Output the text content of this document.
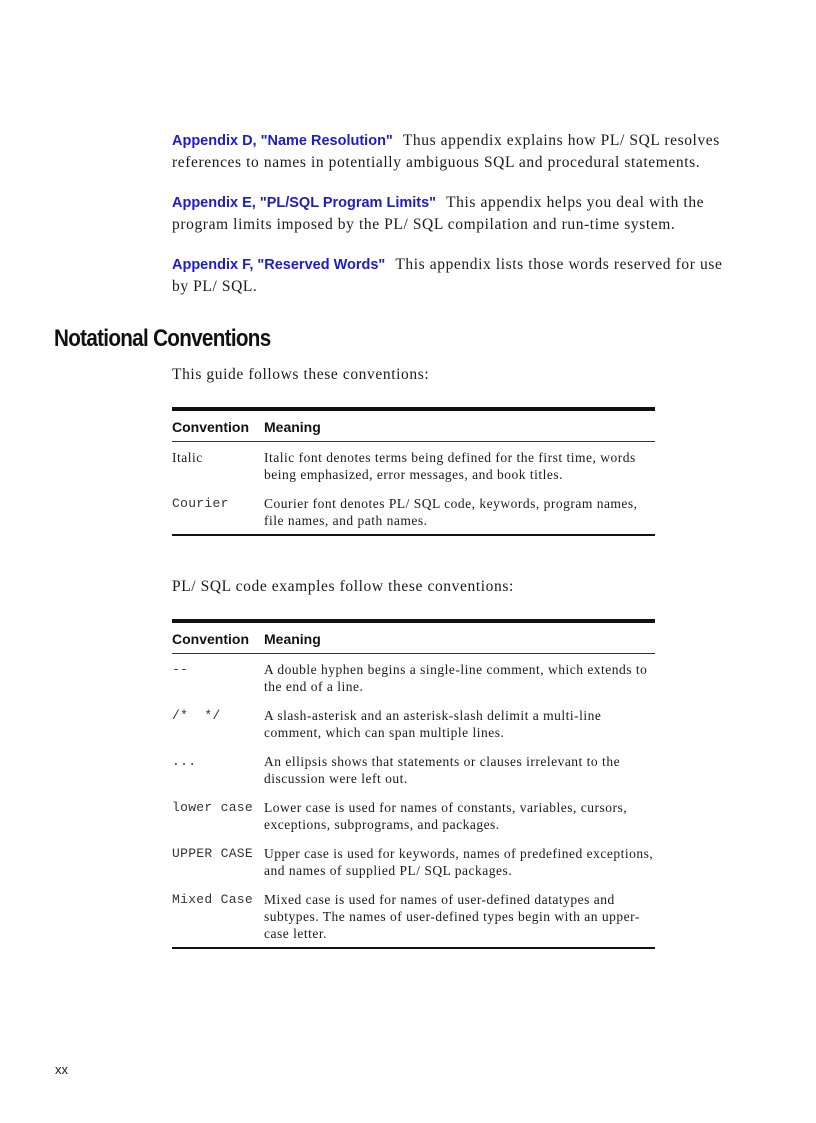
Appendix D, "Name Resolution" Thus appendix explains how PL/ SQL resolves references to names in potentially ambiguous SQL and procedural statements.

Appendix E, "PL/SQL Program Limits" This appendix helps you deal with the program limits imposed by the PL/ SQL compilation and run-time system.

Appendix F, "Reserved Words" This appendix lists those words reserved for use by PL/ SQL.

Notational Conventions

This guide follows these conventions:

Convention	Meaning
Italic	Italic font denotes terms being defined for the first time, words being emphasized, error messages, and book titles.
Courier	Courier font denotes PL/ SQL code, keywords, program names, file names, and path names.

PL/ SQL code examples follow these conventions:

Convention	Meaning
--	A double hyphen begins a single-line comment, which extends to the end of a line.
/*  */	A slash-asterisk and an asterisk-slash delimit a multi-line comment, which can span multiple lines.
...	An ellipsis shows that statements or clauses irrelevant to the discussion were left out.
lower case	Lower case is used for names of constants, variables, cursors, exceptions, subprograms, and packages.
UPPER CASE	Upper case is used for keywords, names of predefined exceptions, and names of supplied PL/ SQL packages.
Mixed Case	Mixed case is used for names of user-defined datatypes and subtypes. The names of user-defined types begin with an upper-case letter.
xx
